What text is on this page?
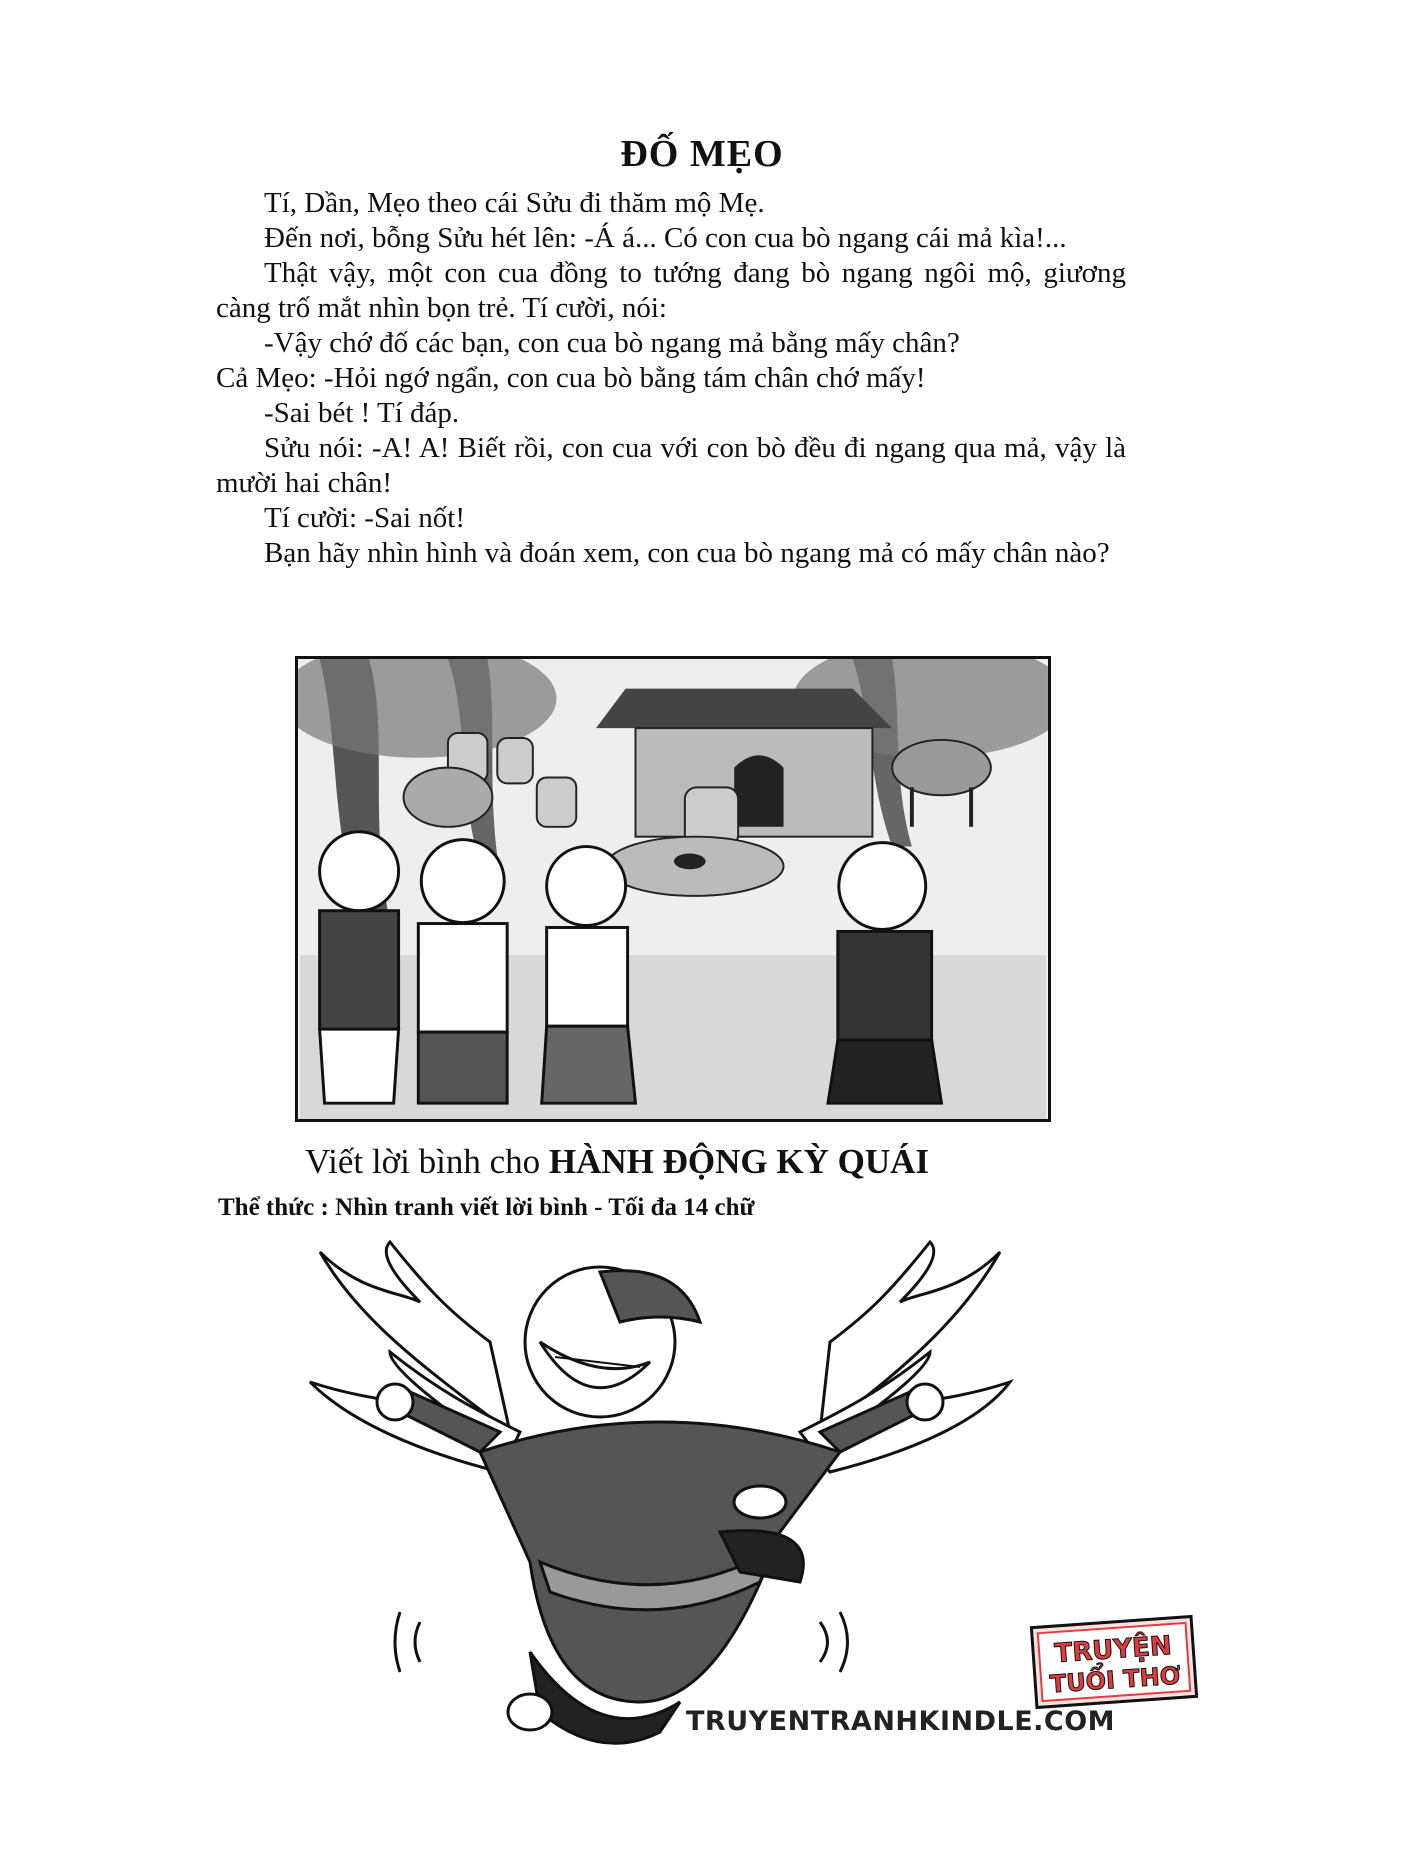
ĐỐ MẸO

Tí, Dần, Mẹo theo cái Sửu đi thăm mộ Mẹ.

Đến nơi, bỗng Sửu hét lên: -Á á... Có con cua bò ngang cái mả kìa!...

Thật vậy, một con cua đồng to tướng đang bò ngang ngôi mộ, giương càng trố mắt nhìn bọn trẻ. Tí cười, nói:

-Vậy chớ đố các bạn, con cua bò ngang mả bằng mấy chân?

Cả Mẹo: -Hỏi ngớ ngẩn, con cua bò bằng tám chân chớ mấy!

-Sai bét ! Tí đáp.

Sửu nói: -A! A! Biết rồi, con cua với con bò đều đi ngang qua mả, vậy là mười hai chân!

Tí cười: -Sai nốt!

Bạn hãy nhìn hình và đoán xem, con cua bò ngang mả có mấy chân nào?

Viết lời bình cho HÀNH ĐỘNG KỲ QUÁI
Thể thức : Nhìn tranh viết lời bình - Tối đa 14 chữ
TRUYENTRANHKINDLE.COM
TRUYỆN
TUỔI THƠ
